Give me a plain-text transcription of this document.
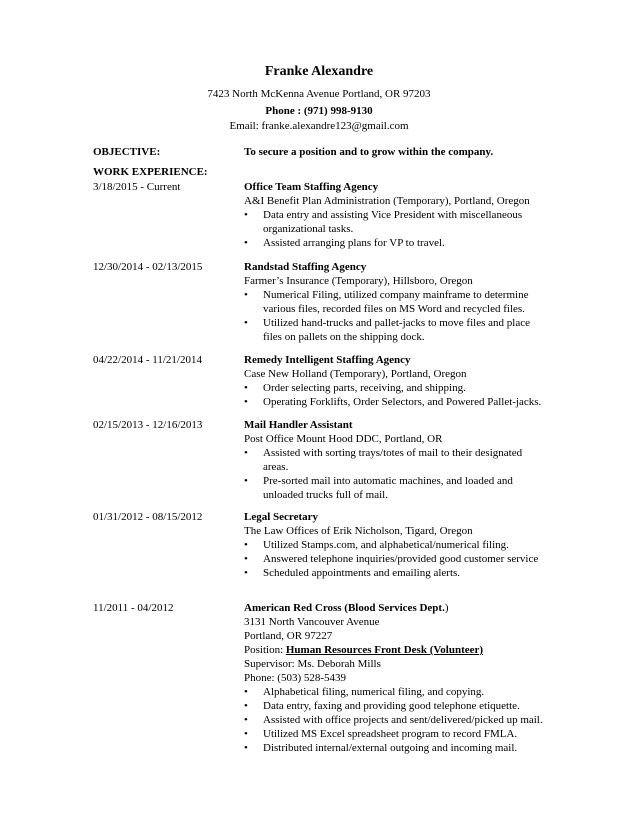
Franke Alexandre
7423 North McKenna Avenue Portland, OR 97203
Phone : (971) 998-9130
Email: franke.alexandre123@gmail.com
OBJECTIVE:	To secure a position and to grow within the company.
WORK EXPERIENCE:
3/18/2015 - Current	Office Team Staffing Agency
A&I Benefit Plan Administration (Temporary), Portland, Oregon
•	Data entry and assisting Vice President with miscellaneous organizational tasks.
•	Assisted arranging plans for VP to travel.
12/30/2014 - 02/13/2015	Randstad Staffing Agency
Farmer’s Insurance (Temporary), Hillsboro, Oregon
•	Numerical Filing, utilized company mainframe to determine various files, recorded files on MS Word and recycled files.
•	Utilized hand-trucks and pallet-jacks to move files and place files on pallets on the shipping dock.
04/22/2014 - 11/21/2014	Remedy Intelligent Staffing Agency
Case New Holland (Temporary), Portland, Oregon
•	Order selecting parts, receiving, and shipping.
•	Operating Forklifts, Order Selectors, and Powered Pallet-jacks.
02/15/2013 - 12/16/2013	Mail Handler Assistant
Post Office Mount Hood DDC, Portland, OR
•	Assisted with sorting trays/totes of mail to their designated areas.
•	Pre-sorted mail into automatic machines, and loaded and unloaded trucks full of mail.
01/31/2012 - 08/15/2012	Legal Secretary
The Law Offices of Erik Nicholson, Tigard, Oregon
•	Utilized Stamps.com, and alphabetical/numerical filing.
•	Answered telephone inquiries/provided good customer service
•	Scheduled appointments and emailing alerts.
11/2011 - 04/2012	American Red Cross (Blood Services Dept.)
3131 North Vancouver Avenue
Portland, OR 97227
Position: Human Resources Front Desk (Volunteer)
Supervisor: Ms. Deborah Mills
Phone: (503) 528-5439
•	Alphabetical filing, numerical filing, and copying.
•	Data entry, faxing and providing good telephone etiquette.
•	Assisted with office projects and sent/delivered/picked up mail.
•	Utilized MS Excel spreadsheet program to record FMLA.
•	Distributed internal/external outgoing and incoming mail.
